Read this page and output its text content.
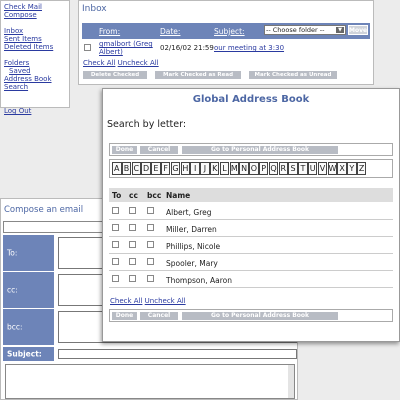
Check Mail
Compose
Inbox
Sent Items
Deleted Items
Folders
Saved
Address Book
Search
Log Out
Inbox
From:	Date:	Subject:	-- Choose folder --	▼	Move
gmalbort (Greg Albert)	02/16/02 21:59 our meeting at 3:30
Check All Uncheck All
Delete Checked	Mark Checked as Read	Mark Checked as Unread
Compose an email
To:
cc:
bcc:
Subject:
Global Address Book
Search by letter:
Done	Cancel	Go to Personal Address Book
A B C D E F G H I J K L M N O P Q R S T U V W X Y Z
To cc bcc Name
Albert, Greg
Miller, Darren
Phillips, Nicole
Spooler, Mary
Thompson, Aaron
Check All Uncheck All
Done	Cancel	Go to Personal Address Book
